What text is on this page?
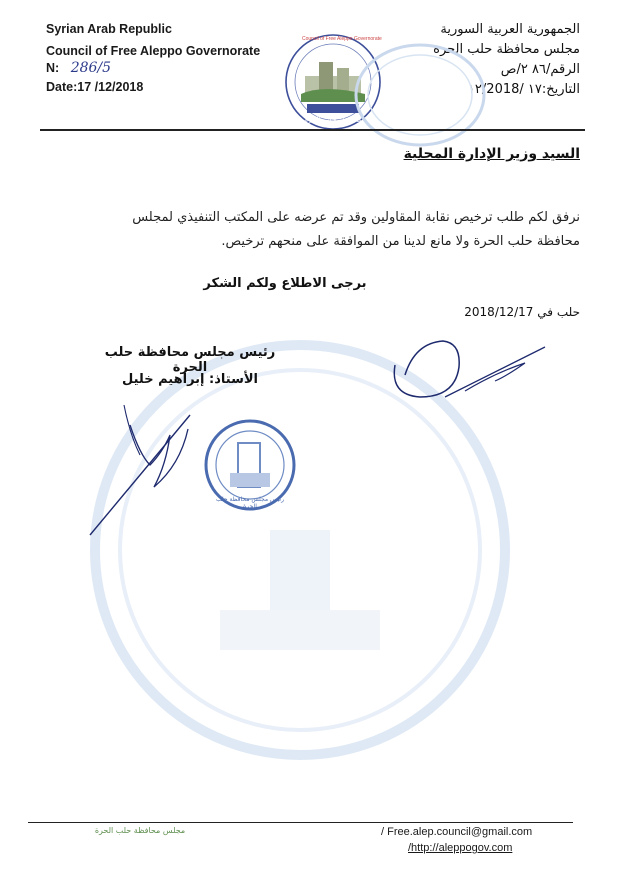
Syrian Arab Republic
Council of Free Aleppo Governorate
N: 286/5
Date:17 /12/2018
الجمهورية العربية السورية
مجلس محافظة حلب الحرة
الرقم/٨٦ ٢/ص
التاريخ:١٧ /١٢/2018
Council of Free Aleppo Governorate
محافظة حلب الحرة
السيد وزير الإدارة المحلية
نرفق لكم طلب ترخيص نقابة المقاولين وقد تم عرضه على المكتب التنفيذي لمجلس
محافظة حلب الحرة ولا مانع لدينا من الموافقة على منحهم ترخيص.
برجى الاطلاع ولكم الشكر
حلب في 2018/12/17
رئيس مجلس محافظة حلب الحرة
الأستاذ: إبراهيم خليل
رئيس مجلس محافظة حلب الحرة
مجلس محافظة حلب الحرة	/ Free.alep.council@gmail.com
/http://aleppogov.com
